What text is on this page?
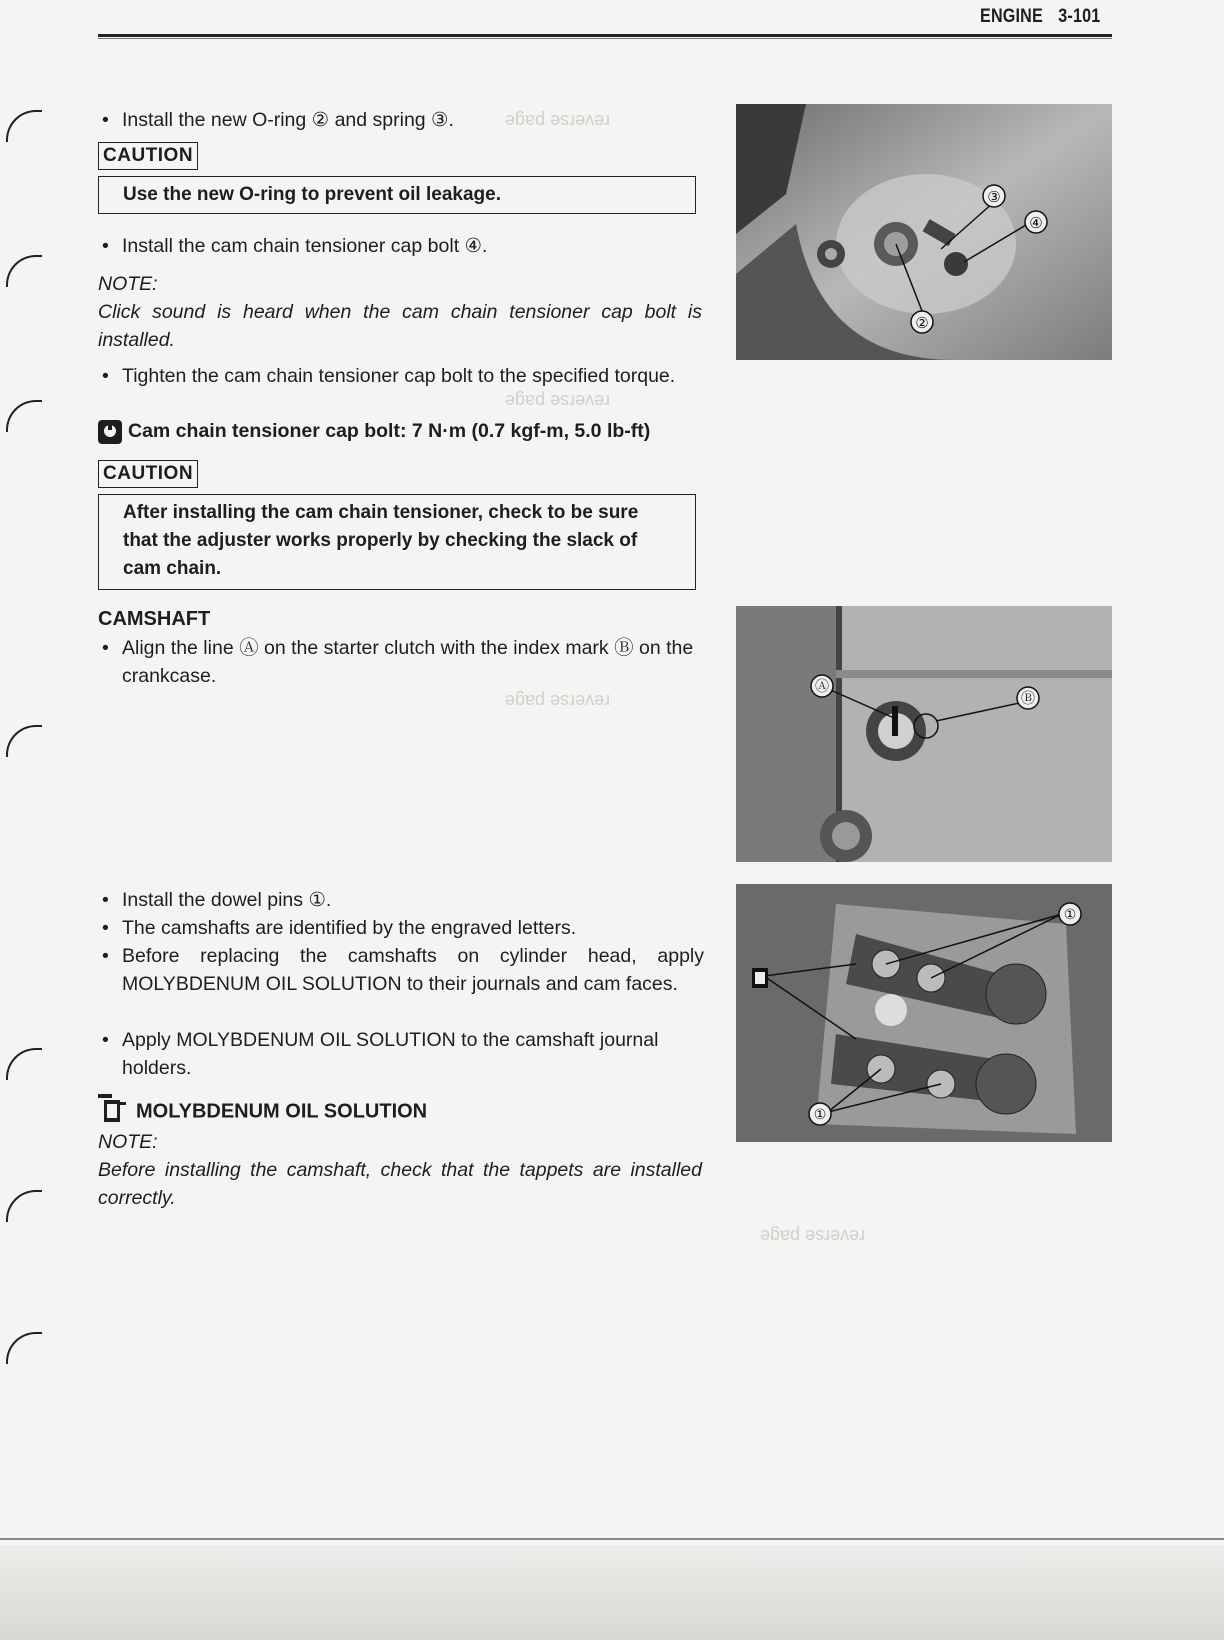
ENGINE 3-101
reverse page
reverse page
reverse page
reverse page
• Install the new O-ring ② and spring ③.
CAUTION
Use the new O-ring to prevent oil leakage.
• Install the cam chain tensioner cap bolt ④.
NOTE:
Click sound is heard when the cam chain tensioner cap bolt is installed.
• Tighten the cam chain tensioner cap bolt to the specified torque.
Cam chain tensioner cap bolt: 7 N·m (0.7 kgf-m, 5.0 lb-ft)
CAUTION
After installing the cam chain tensioner, check to be sure that the adjuster works properly by checking the slack of cam chain.
③
④
②
CAMSHAFT
• Align the line Ⓐ on the starter clutch with the index mark Ⓑ on the crankcase.	Ⓐ
Ⓑ
• Install the dowel pins ①.
• The camshafts are identified by the engraved letters.
• Before replacing the camshafts on cylinder head, apply MOLYBDENUM OIL SOLUTION to their journals and cam faces.
• Apply MOLYBDENUM OIL SOLUTION to the camshaft journal holders.
MOLYBDENUM OIL SOLUTION
NOTE:
Before installing the camshaft, check that the tappets are installed correctly.
①
①
